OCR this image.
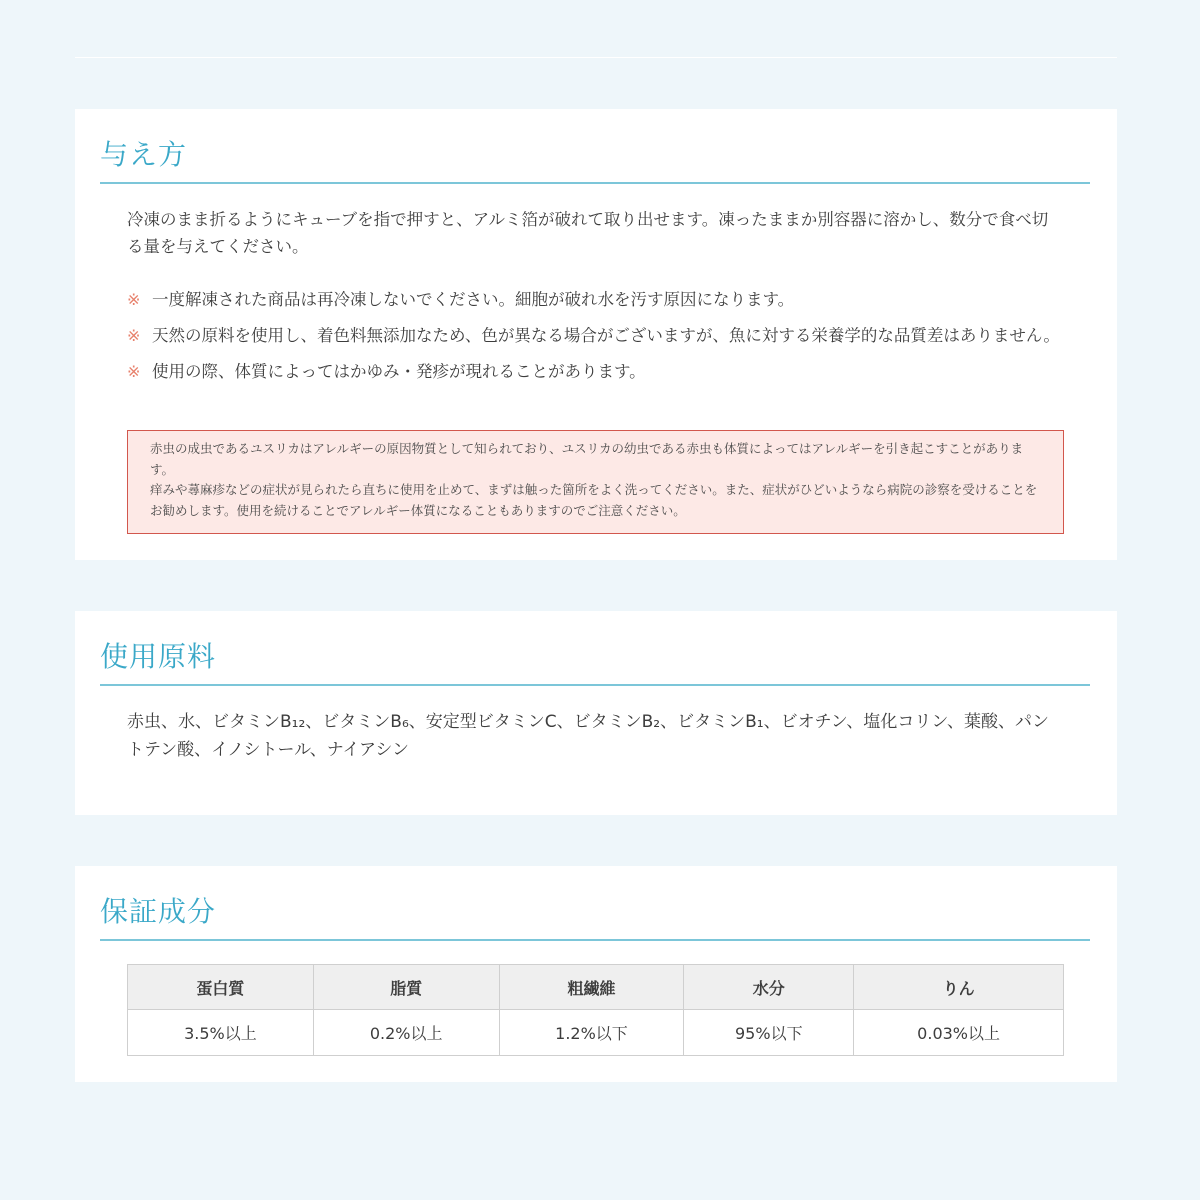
与え方

冷凍のまま折るようにキューブを指で押すと、アルミ箔が破れて取り出せます。凍ったままか別容器に溶かし、数分で食べ切る量を与えてください。

※ 一度解凍された商品は再冷凍しないでください。細胞が破れ水を汚す原因になります。
※ 天然の原料を使用し、着色料無添加なため、色が異なる場合がございますが、魚に対する栄養学的な品質差はありません。
※ 使用の際、体質によってはかゆみ・発疹が現れることがあります。

赤虫の成虫であるユスリカはアレルギーの原因物質として知られており、ユスリカの幼虫である赤虫も体質によってはアレルギーを引き起こすことがあります。

痒みや蕁麻疹などの症状が見られたら直ちに使用を止めて、まずは触った箇所をよく洗ってください。また、症状がひどいようなら病院の診察を受けることをお勧めします。使用を続けることでアレルギー体質になることもありますのでご注意ください。

使用原料

赤虫、水、ビタミンB₁₂、ビタミンB₆、安定型ビタミンC、ビタミンB₂、ビタミンB₁、ビオチン、塩化コリン、葉酸、パントテン酸、イノシトール、ナイアシン

保証成分
蛋白質	脂質	粗繊維	水分	りん
3.5%以上	0.2%以上	1.2%以下	95%以下	0.03%以上
